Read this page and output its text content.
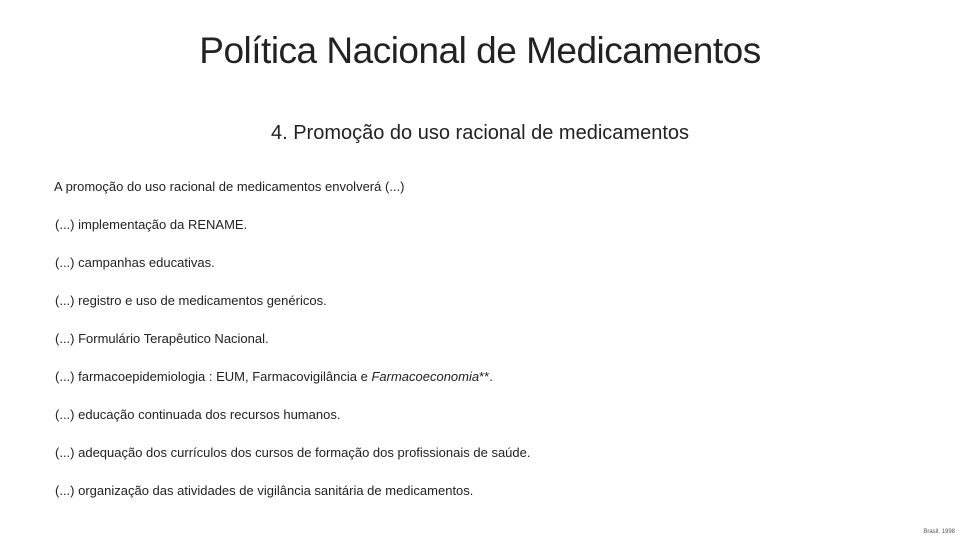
Política Nacional de Medicamentos
4. Promoção do uso racional de medicamentos
A promoção do uso racional de medicamentos envolverá (...)
(...) implementação da RENAME.
(...) campanhas educativas.
(...) registro e uso de medicamentos genéricos.
(...) Formulário Terapêutico Nacional.
(...) farmacoepidemiologia : EUM, Farmacovigilância e Farmacoeconomia**.
(...) educação continuada dos recursos humanos.
(...) adequação dos currículos dos cursos de formação dos profissionais de saúde.
(...) organização das atividades de vigilância sanitária de medicamentos.
Brasil, 1998
